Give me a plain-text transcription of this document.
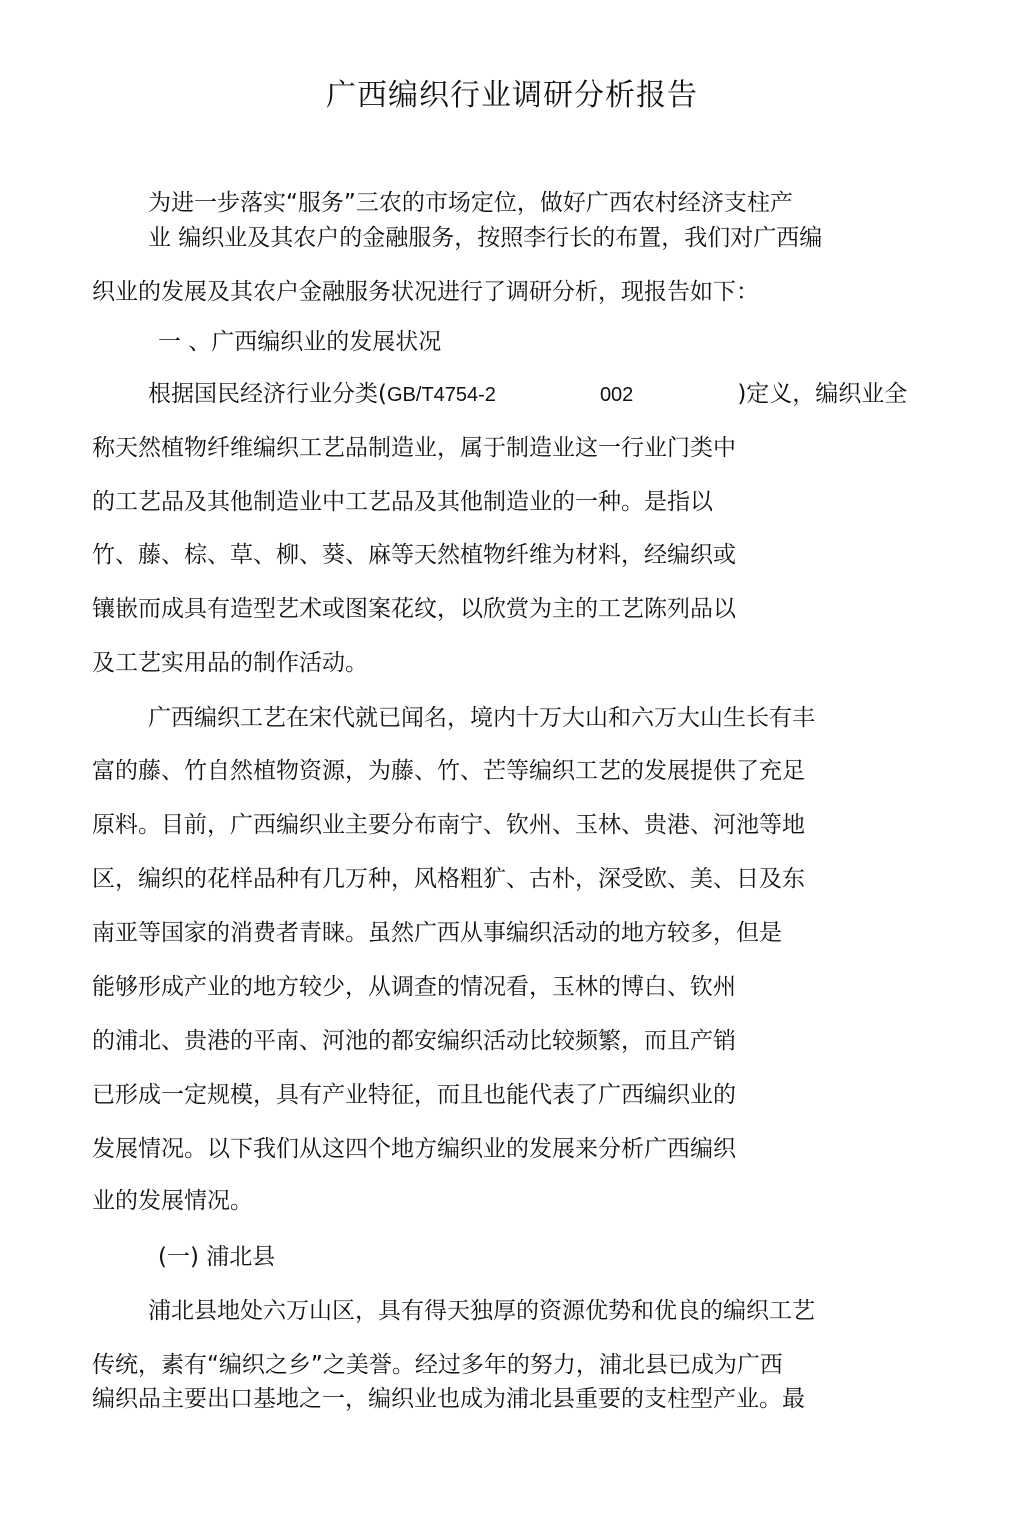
广西编织行业调研分析报告
为进一步落实“服务”三农的市场定位，做好广西农村经济支柱产
业 编织业及其农户的金融服务，按照李行长的布置，我们对广西编
织业的发展及其农户金融服务状况进行了调研分析，现报告如下：
一 、广西编织业的发展状况
根据国民经济行业分类(GB/T4754-2	002	)定义，编织业全
称天然植物纤维编织工艺品制造业，属于制造业这一行业门类中
的工艺品及其他制造业中工艺品及其他制造业的一种。是指以
竹、藤、棕、草、柳、葵、麻等天然植物纤维为材料，经编织或
镶嵌而成具有造型艺术或图案花纹，以欣赏为主的工艺陈列品以
及工艺实用品的制作活动。
广西编织工艺在宋代就已闻名，境内十万大山和六万大山生长有丰
富的藤、竹自然植物资源，为藤、竹、芒等编织工艺的发展提供了充足
原料。目前，广西编织业主要分布南宁、钦州、玉林、贵港、河池等地
区，编织的花样品种有几万种，风格粗犷、古朴，深受欧、美、日及东
南亚等国家的消费者青睐。虽然广西从事编织活动的地方较多，但是
能够形成产业的地方较少，从调查的情况看，玉林的博白、钦州
的浦北、贵港的平南、河池的都安编织活动比较频繁，而且产销
已形成一定规模，具有产业特征，而且也能代表了广西编织业的
发展情况。以下我们从这四个地方编织业的发展来分析广西编织
业的发展情况。
(一) 浦北县
浦北县地处六万山区，具有得天独厚的资源优势和优良的编织工艺
传统，素有“编织之乡”之美誉。经过多年的努力，浦北县已成为广西
编织品主要出口基地之一，编织业也成为浦北县重要的支柱型产业。最
